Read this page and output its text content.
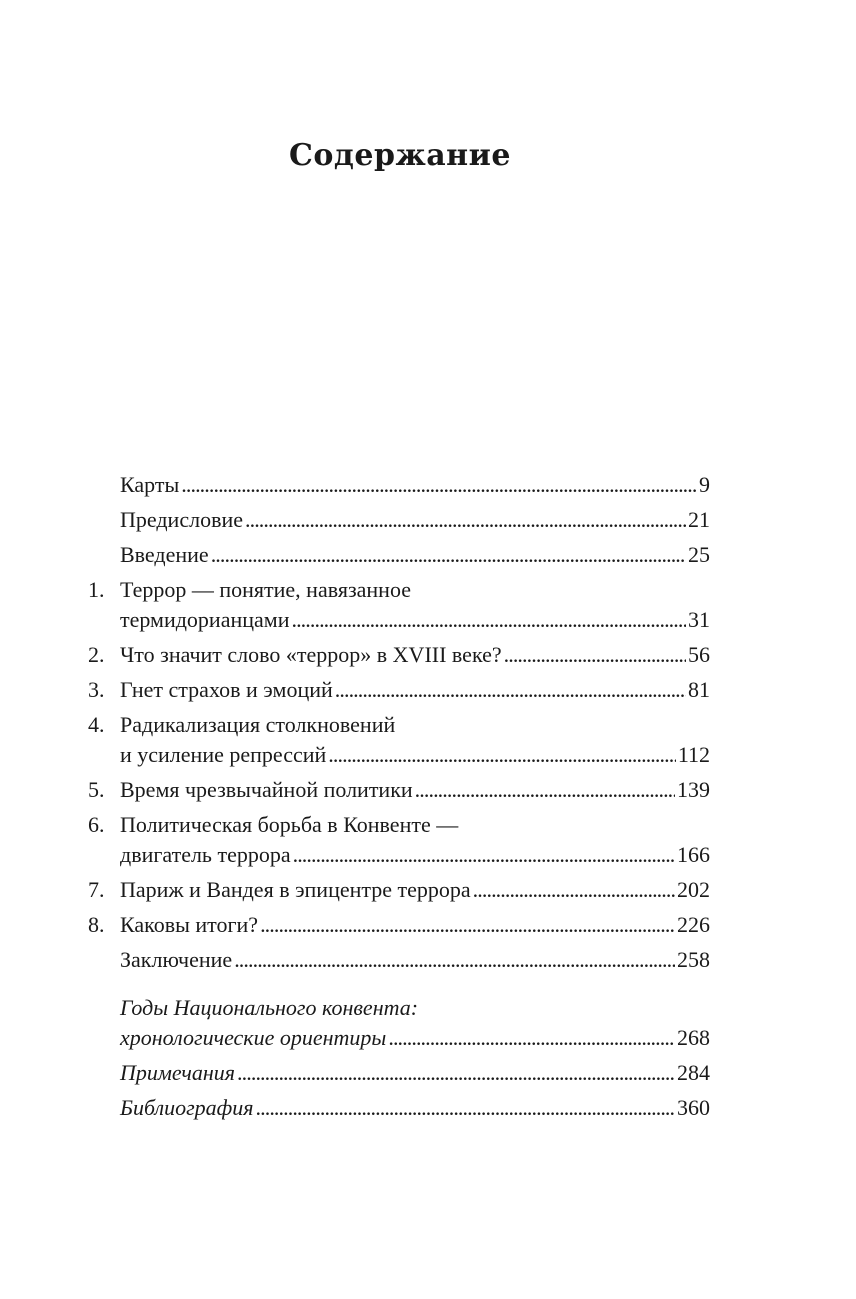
Содержание
Карты . . .	9
Предисловие . . .	21
Введение . . .	25
1. Террор — понятие, навязанное
термидорианцами . . .	31
2. Что значит слово «террор» в XVIII веке? . . .	56
3. Гнет страхов и эмоций . . .	81
4. Радикализация столкновений
и усиление репрессий . . .	112
5. Время чрезвычайной политики . . .	139
6. Политическая борьба в Конвенте —
двигатель террора . . .	166
7. Париж и Вандея в эпицентре террора . . .	202
8. Каковы итоги? . . .	226
Заключение . . .	258
Годы Национального конвента:
хронологические ориентиры . . .	268
Примечания . . .	284
Библиография . . .	360
